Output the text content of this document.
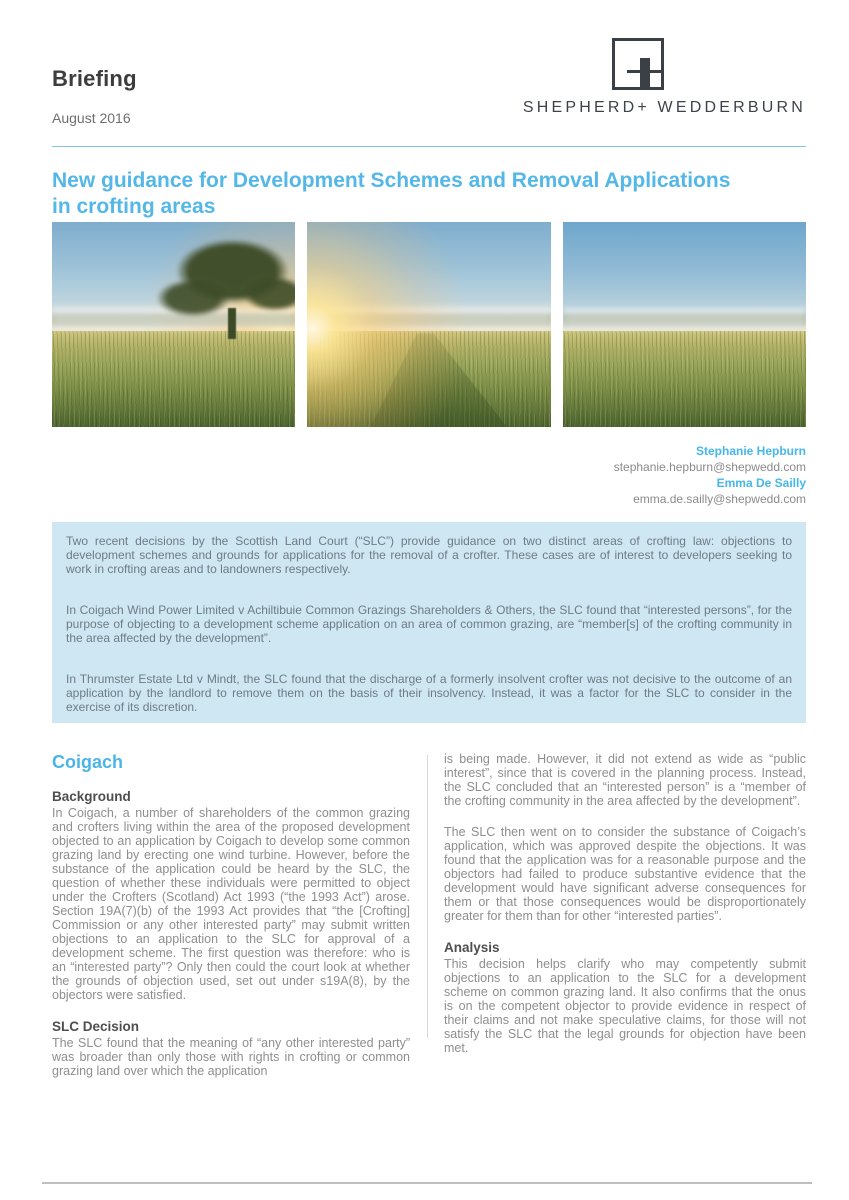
Briefing
August 2016
SHEPHERD+ WEDDERBURN
New guidance for Development Schemes and Removal Applications
in crofting areas
Stephanie Hepburn
stephanie.hepburn@shepwedd.com
Emma De Sailly
emma.de.sailly@shepwedd.com

Two recent decisions by the Scottish Land Court (“SLC”) provide guidance on two distinct areas of crofting law: objections to development schemes and grounds for applications for the removal of a crofter. These cases are of interest to developers seeking to work in crofting areas and to landowners respectively.

In Coigach Wind Power Limited v Achiltibuie Common Grazings Shareholders & Others, the SLC found that “interested persons”, for the purpose of objecting to a development scheme application on an area of common grazing, are “member[s] of the crofting community in the area affected by the development”.

In Thrumster Estate Ltd v Mindt, the SLC found that the discharge of a formerly insolvent crofter was not decisive to the outcome of an application by the landlord to remove them on the basis of their insolvency. Instead, it was a factor for the SLC to consider in the exercise of its discretion.

Coigach
Background

In Coigach, a number of shareholders of the common grazing and crofters living within the area of the proposed development objected to an application by Coigach to develop some common grazing land by erecting one wind turbine. However, before the substance of the application could be heard by the SLC, the question of whether these individuals were permitted to object under the Crofters (Scotland) Act 1993 (“the 1993 Act”) arose. Section 19A(7)(b) of the 1993 Act provides that “the [Crofting] Commission or any other interested party” may submit written objections to an application to the SLC for approval of a development scheme. The first question was therefore: who is an “interested party”? Only then could the court look at whether the grounds of objection used, set out under s19A(8), by the objectors were satisfied.

SLC Decision

The SLC found that the meaning of “any other interested party” was broader than only those with rights in crofting or common grazing land over which the application

is being made. However, it did not extend as wide as “public interest”, since that is covered in the planning process. Instead, the SLC concluded that an “interested person” is a “member of the crofting community in the area affected by the development”.

The SLC then went on to consider the substance of Coigach’s application, which was approved despite the objections. It was found that the application was for a reasonable purpose and the objectors had failed to produce substantive evidence that the development would have significant adverse consequences for them or that those consequences would be disproportionately greater for them than for other “interested parties”.

Analysis

This decision helps clarify who may competently submit objections to an application to the SLC for a development scheme on common grazing land. It also confirms that the onus is on the competent objector to provide evidence in respect of their claims and not make speculative claims, for those will not satisfy the SLC that the legal grounds for objection have been met.
